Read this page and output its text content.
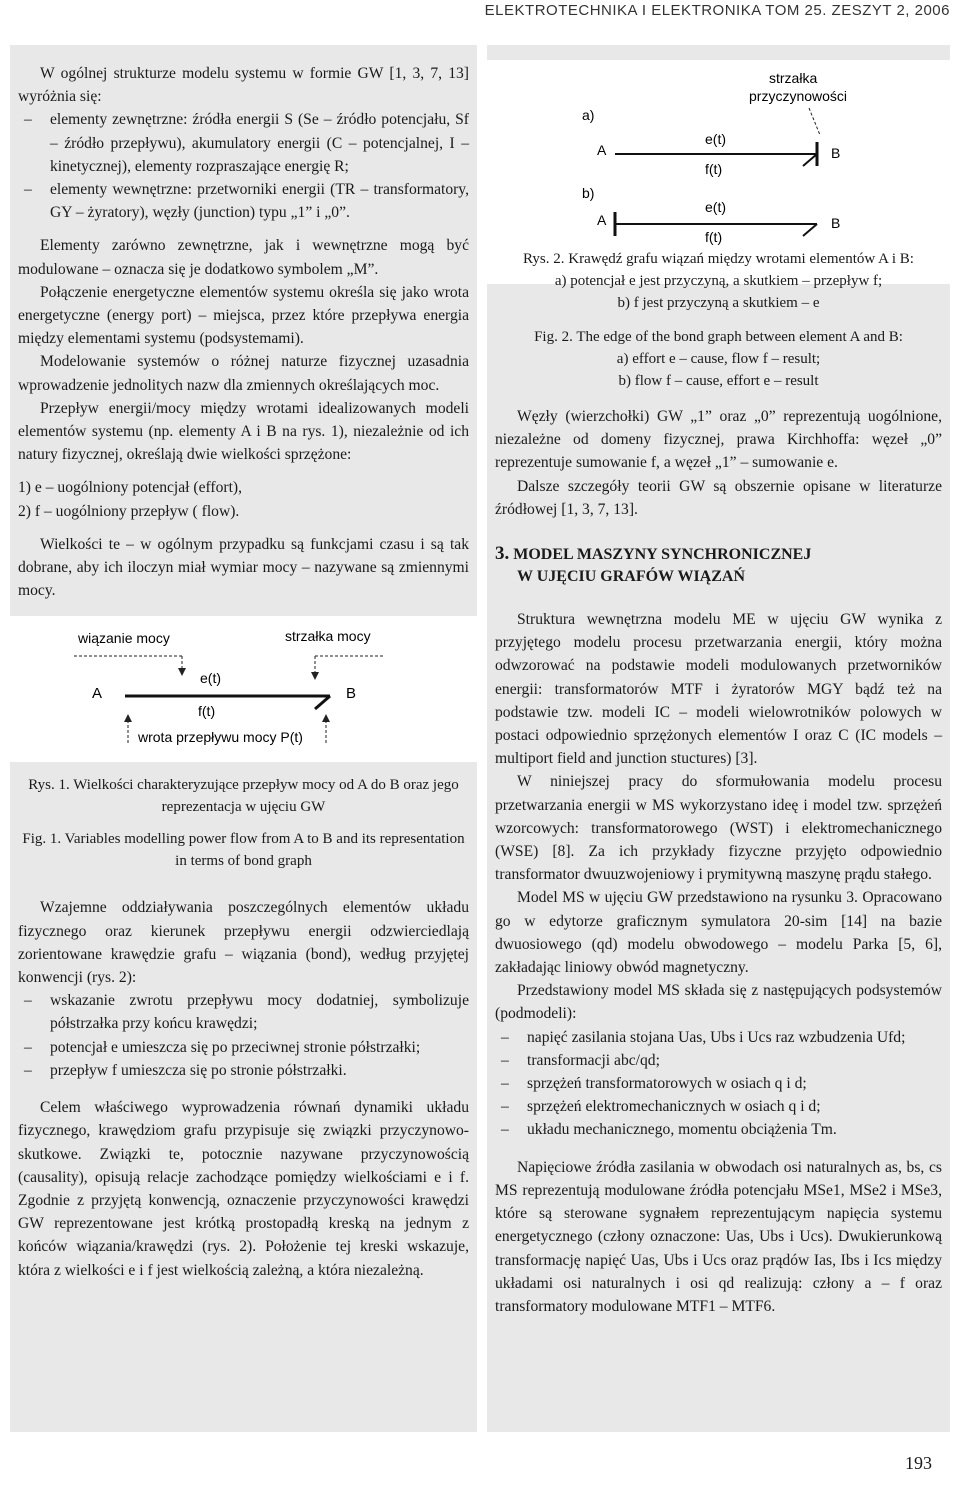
ELEKTROTECHNIKA I ELEKTRONIKA TOM 25. ZESZYT 2, 2006

W ogólnej strukturze modelu systemu w formie GW [1, 3, 7, 13] wyróżnia się:

– elementy zewnętrzne: źródła energii S (Se – źródło potencjału, Sf – źródło przepływu), akumulatory energii (C – potencjalnej, I – kinetycznej), elementy rozpraszające energię R;
– elementy wewnętrzne: przetworniki energii (TR – transformatory, GY – żyratory), węzły (junction) typu „1” i „0”.

Elementy zarówno zewnętrzne, jak i wewnętrzne mogą być modulowane – oznacza się je dodatkowo symbolem „M”.

Połączenie energetyczne elementów systemu określa się jako wrota energetyczne (energy port) – miejsca, przez które przepływa energia między elementami systemu (podsystemami).

Modelowanie systemów o różnej naturze fizycznej uzasadnia wprowadzenie jednolitych nazw dla zmiennych określających moc.

Przepływ energii/mocy między wrotami idealizowanych modeli elementów systemu (np. elementy A i B na rys. 1), niezależnie od ich natury fizycznej, określają dwie wielkości sprzężone:

1) e – uogólniony potencjał (effort),

2) f – uogólniony przepływ ( flow).

Wielkości te – w ogólnym przypadku są funkcjami czasu i są tak dobrane, aby ich iloczyn miał wymiar mocy – nazywane są zmiennymi mocy.

wiązanie mocy	strzałka mocy
A	B
e(t)
f(t)
wrota przepływu mocy P(t)
Rys. 1. Wielkości charakteryzujące przepływ mocy od A do B oraz jego reprezentacja w ujęciu GW
Fig. 1. Variables modelling power flow from A to B and its representation in terms of bond graph

Wzajemne oddziaływania poszczególnych elementów układu fizycznego oraz kierunek przepływu energii odzwierciedlają zorientowane krawędzie grafu – wiązania (bond), według przyjętej konwencji (rys. 2):

– wskazanie zwrotu przepływu mocy dodatniej, symbolizuje półstrzałka przy końcu krawędzi;
– potencjał e umieszcza się po przeciwnej stronie półstrzałki;
– przepływ f umieszcza się po stronie półstrzałki.

Celem właściwego wyprowadzenia równań dynamiki układu fizycznego, krawędziom grafu przypisuje się związki przyczynowo-skutkowe. Związki te, potocznie nazywane przyczynowością (causality), opisują relacje zachodzące pomiędzy wielkościami e i f. Zgodnie z przyjętą konwencją, oznaczenie przyczynowości krawędzi GW reprezentowane jest krótką prostopadłą kreską na jednym z końców wiązania/krawędzi (rys. 2). Położenie tej kreski wskazuje, która z wielkości e i f jest wielkością zależną, a która niezależną.

strzałka
przyczynowości
a)
A	B
e(t)
f(t)
b)
A	B
e(t)
f(t)
Rys. 2. Krawędź grafu wiązań między wrotami elementów A i B:
a) potencjał e jest przyczyną, a skutkiem – przepływ f;
b) f jest przyczyną a skutkiem – e
Fig. 2. The edge of the bond graph between element A and B:
a) effort e – cause, flow f – result;
b) flow f – cause, effort e – result

Węzły (wierzchołki) GW „1” oraz „0” reprezentują uogólnione, niezależne od domeny fizycznej, prawa Kirchhoffa: węzeł „0” reprezentuje sumowanie f, a węzeł „1” – sumowanie e.

Dalsze szczegóły teorii GW są obszernie opisane w literaturze źródłowej [1, 3, 7, 13].

3. MODEL MASZYNY SYNCHRONICZNEJ
W UJĘCIU GRAFÓW WIĄZAŃ

Struktura wewnętrzna modelu ME w ujęciu GW wynika z przyjętego modelu procesu przetwarzania energii, który można odwzorować na podstawie modeli modulowanych przetworników energii: transformatorów MTF i żyratorów MGY bądź też na podstawie tzw. modeli IC – modeli wielowrotników polowych w postaci odpowiednio sprzężonych elementów I oraz C (IC models – multiport field and junction stuctures) [3].

W niniejszej pracy do sformułowania modelu procesu przetwarzania energii w MS wykorzystano ideę i model tzw. sprzężeń wzorcowych: transformatorowego (WST) i elektromechanicznego (WSE) [8]. Za ich przykłady fizyczne przyjęto odpowiednio transformator dwuuzwojeniowy i prymitywną maszynę prądu stałego.

Model MS w ujęciu GW przedstawiono na rysunku 3. Opracowano go w edytorze graficznym symulatora 20-sim [14] na bazie dwuosiowego (qd) modelu obwodowego – modelu Parka [5, 6], zakładając liniowy obwód magnetyczny.

Przedstawiony model MS składa się z następujących podsystemów (podmodeli):

– napięć zasilania stojana Uas, Ubs i Ucs raz wzbudzenia Ufd;
– transformacji abc/qd;
– sprzężeń transformatorowych w osiach q i d;
– sprzężeń elektromechanicznych w osiach q i d;
– układu mechanicznego, momentu obciążenia Tm.

Napięciowe źródła zasilania w obwodach osi naturalnych as, bs, cs MS reprezentują modulowane źródła potencjału MSe1, MSe2 i MSe3, które są sterowane sygnałem reprezentującym napięcia systemu energetycznego (człony oznaczone: Uas, Ubs i Ucs). Dwukierunkową transformację napięć Uas, Ubs i Ucs oraz prądów Ias, Ibs i Ics między układami osi naturalnych i osi qd realizują: człony a – f oraz transformatory modulowane MTF1 – MTF6.

193
